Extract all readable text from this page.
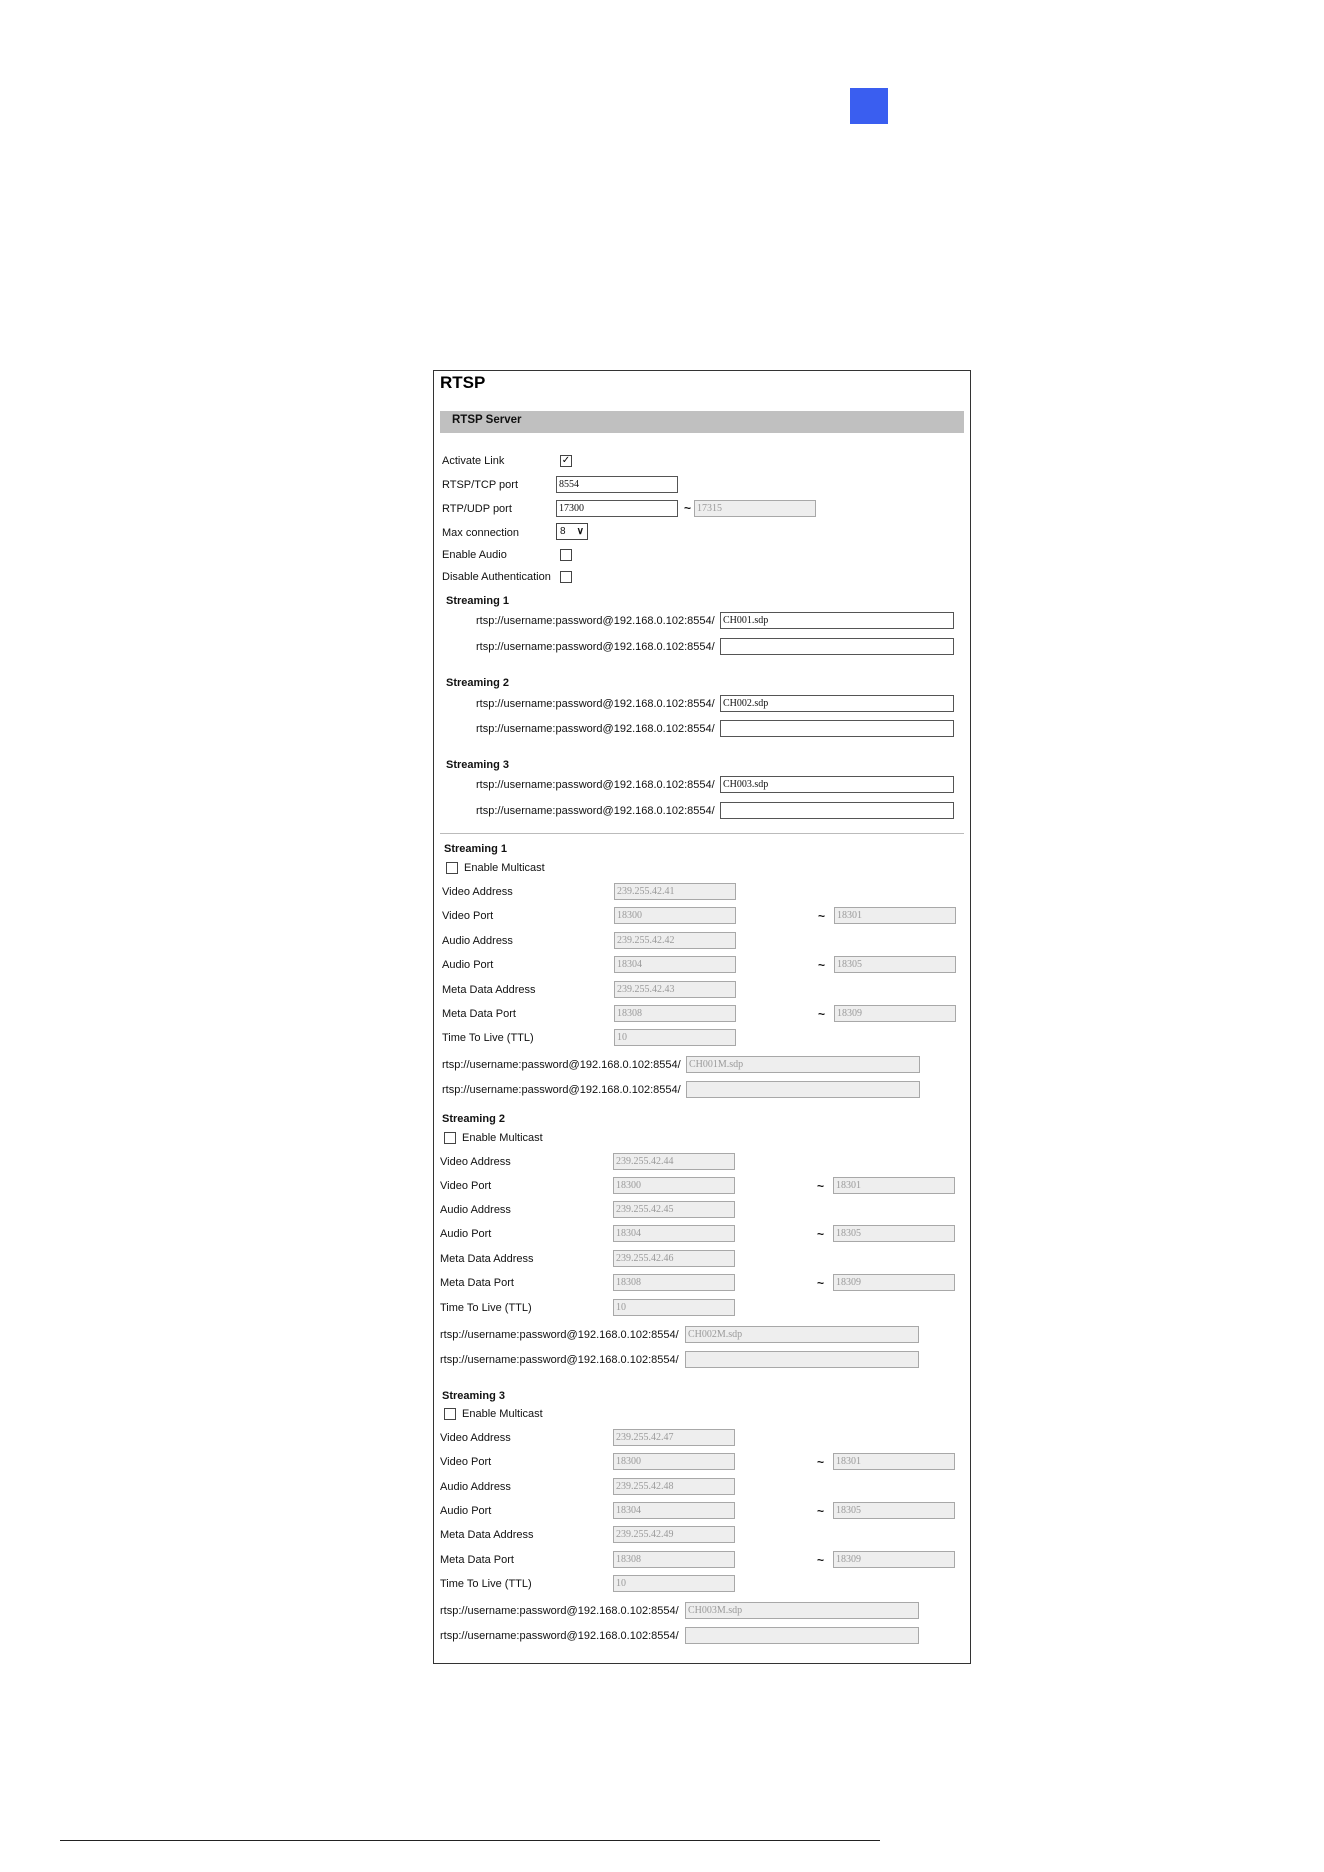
RTSP
RTSP Server
Activate Link	✓
RTSP/TCP port	8554
RTP/UDP port	17300	~ 17315
Max connection	8 ∨
Enable Audio
Disable Authentication
Streaming 1
rtsp://username:password@192.168.0.102:8554/ CH001.sdp
rtsp://username:password@192.168.0.102:8554/
Streaming 2
rtsp://username:password@192.168.0.102:8554/ CH002.sdp
rtsp://username:password@192.168.0.102:8554/
Streaming 3
rtsp://username:password@192.168.0.102:8554/ CH003.sdp
rtsp://username:password@192.168.0.102:8554/
Streaming 1
Enable Multicast
Video Address	239.255.42.41
Video Port	18300	~	18301
Audio Address	239.255.42.42
Audio Port	18304	~	18305
Meta Data Address	239.255.42.43
Meta Data Port	18308	~	18309
Time To Live (TTL)	10
rtsp://username:password@192.168.0.102:8554/ CH001M.sdp
rtsp://username:password@192.168.0.102:8554/
Streaming 2
Enable Multicast
Video Address	239.255.42.44
Video Port	18300	~	18301
Audio Address	239.255.42.45
Audio Port	18304	~	18305
Meta Data Address	239.255.42.46
Meta Data Port	18308	~	18309
Time To Live (TTL)	10
rtsp://username:password@192.168.0.102:8554/ CH002M.sdp
rtsp://username:password@192.168.0.102:8554/
Streaming 3
Enable Multicast
Video Address	239.255.42.47
Video Port	18300	~	18301
Audio Address	239.255.42.48
Audio Port	18304	~	18305
Meta Data Address	239.255.42.49
Meta Data Port	18308	~	18309
Time To Live (TTL)	10
rtsp://username:password@192.168.0.102:8554/ CH003M.sdp
rtsp://username:password@192.168.0.102:8554/
